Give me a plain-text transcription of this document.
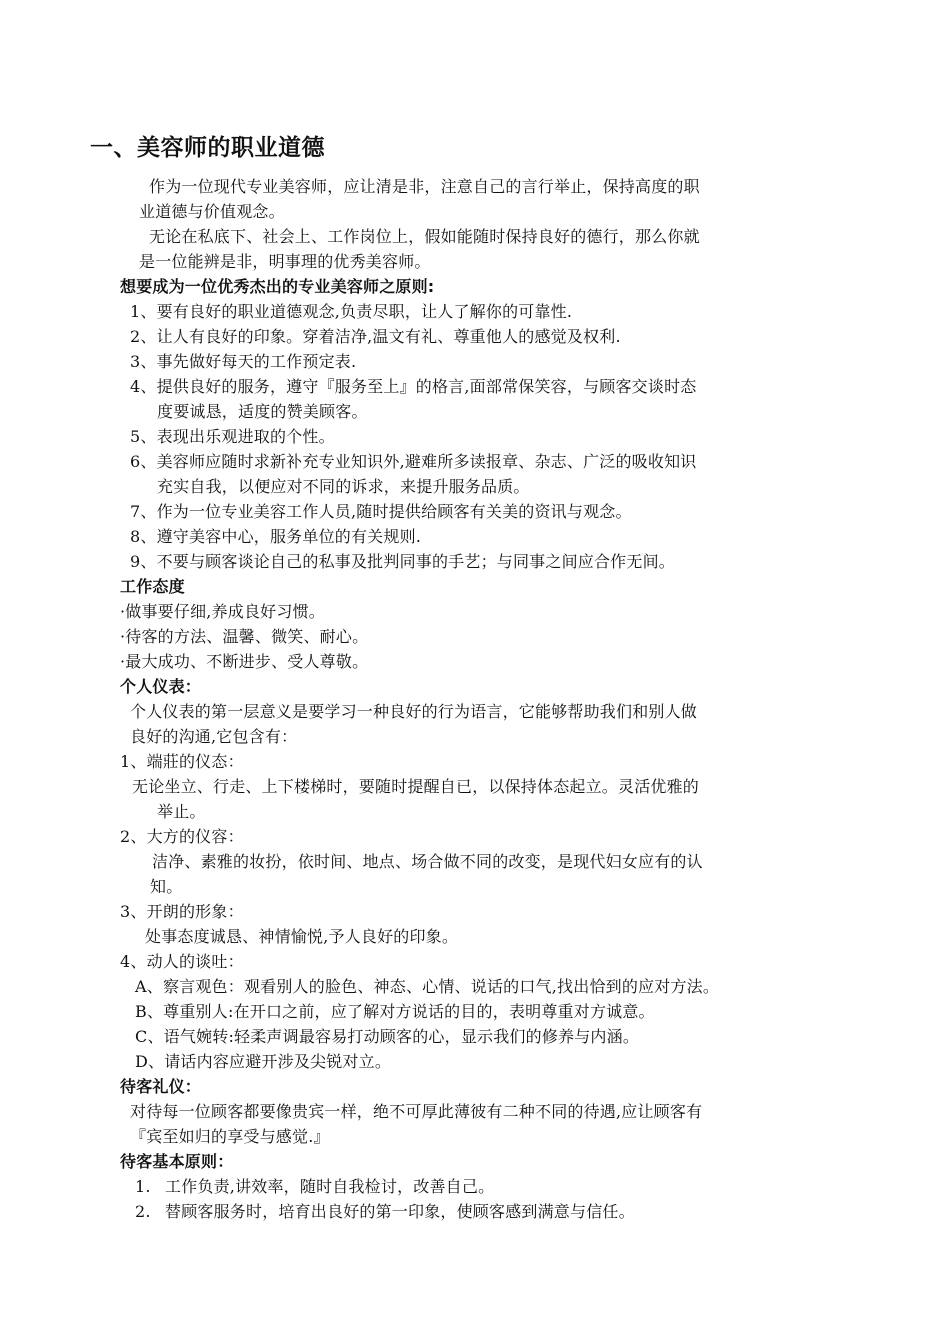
一、美容师的职业道德
作为一位现代专业美容师，应让清是非，注意自己的言行举止，保持高度的职
业道德与价值观念。
无论在私底下、社会上、工作岗位上，假如能随时保持良好的德行，那么你就
是一位能辨是非，明事理的优秀美容师。
想要成为一位优秀杰出的专业美容师之原则:
1、要有良好的职业道德观念,负责尽职，让人了解你的可靠性.
2、让人有良好的印象。穿着洁净,温文有礼、尊重他人的感觉及权利.
3、事先做好每天的工作预定表.
4、提供良好的服务，遵守『服务至上』的格言,面部常保笑容，与顾客交谈时态
度要诚恳，适度的赞美顾客。
5、表现出乐观进取的个性。
6、美容师应随时求新补充专业知识外,避难所多读报章、杂志、广泛的吸收知识
充实自我，以便应对不同的诉求，来提升服务品质。
7、作为一位专业美容工作人员,随时提供给顾客有关美的资讯与观念。
8、遵守美容中心，服务单位的有关规则.
9、不要与顾客谈论自己的私事及批判同事的手艺；与同事之间应合作无间。
工作态度
·做事要仔细,养成良好习惯。
·待客的方法、温馨、微笑、耐心。
·最大成功、不断进步、受人尊敬。
个人仪表：
个人仪表的第一层意义是要学习一种良好的行为语言，它能够帮助我们和别人做
良好的沟通,它包含有：
1、端莊的仪态：
无论坐立、行走、上下楼梯时，要随时提醒自已，以保持体态起立。灵活优雅的
举止。
2、大方的仪容：
洁净、素雅的妆扮，依时间、地点、场合做不同的改变，是现代妇女应有的认
知。
3、开朗的形象：
处事态度诚恳、神情愉悦,予人良好的印象。
4、动人的谈吐：
A、察言观色：观看别人的脸色、神态、心情、说话的口气,找出恰到的应对方法。
B、尊重别人:在开口之前，应了解对方说话的目的，表明尊重对方诚意。
C、语气婉转:轻柔声调最容易打动顾客的心，显示我们的修养与内涵。
D、请话内容应避开涉及尖锐对立。
待客礼仪：
对待每一位顾客都要像贵宾一样，绝不可厚此薄彼有二种不同的待遇,应让顾客有
『宾至如归的享受与感觉.』
待客基本原则：
1. 工作负责,讲效率，随时自我检讨，改善自己。
2. 替顾客服务时，培育出良好的第一印象，使顾客感到满意与信任。
